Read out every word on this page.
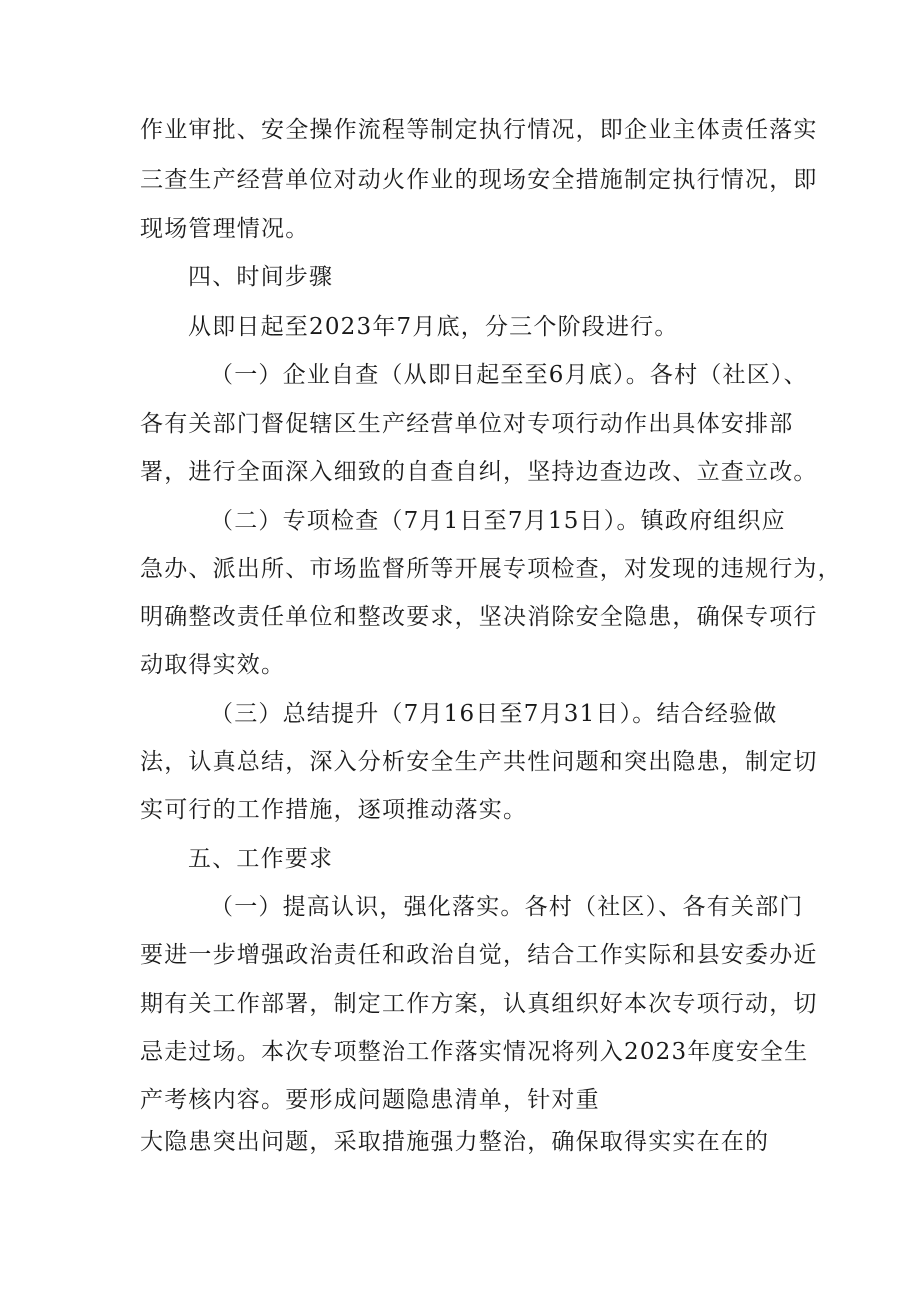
作业审批、安全操作流程等制定执行情况，即企业主体责任落实
三查生产经营单位对动火作业的现场安全措施制定执行情况，即
现场管理情况。
四、时间步骤
从即日起至2023年7月底，分三个阶段进行。
（一）企业自查（从即日起至至6月底）。各村（社区）、
各有关部门督促辖区生产经营单位对专项行动作出具体安排部
署，进行全面深入细致的自查自纠，坚持边查边改、立查立改。
（二）专项检查（7月1日至7月15日）。镇政府组织应
急办、派出所、市场监督所等开展专项检查，对发现的违规行为，
明确整改责任单位和整改要求，坚决消除安全隐患，确保专项行
动取得实效。
（三）总结提升（7月16日至7月31日）。结合经验做
法，认真总结，深入分析安全生产共性问题和突出隐患，制定切
实可行的工作措施，逐项推动落实。
五、工作要求
（一）提高认识，强化落实。各村（社区）、各有关部门
要进一步增强政治责任和政治自觉，结合工作实际和县安委办近
期有关工作部署，制定工作方案，认真组织好本次专项行动，切
忌走过场。本次专项整治工作落实情况将列入2023年度安全生
产考核内容。要形成问题隐患清单，针对重
大隐患突出问题，采取措施强力整治，确保取得实实在在的
